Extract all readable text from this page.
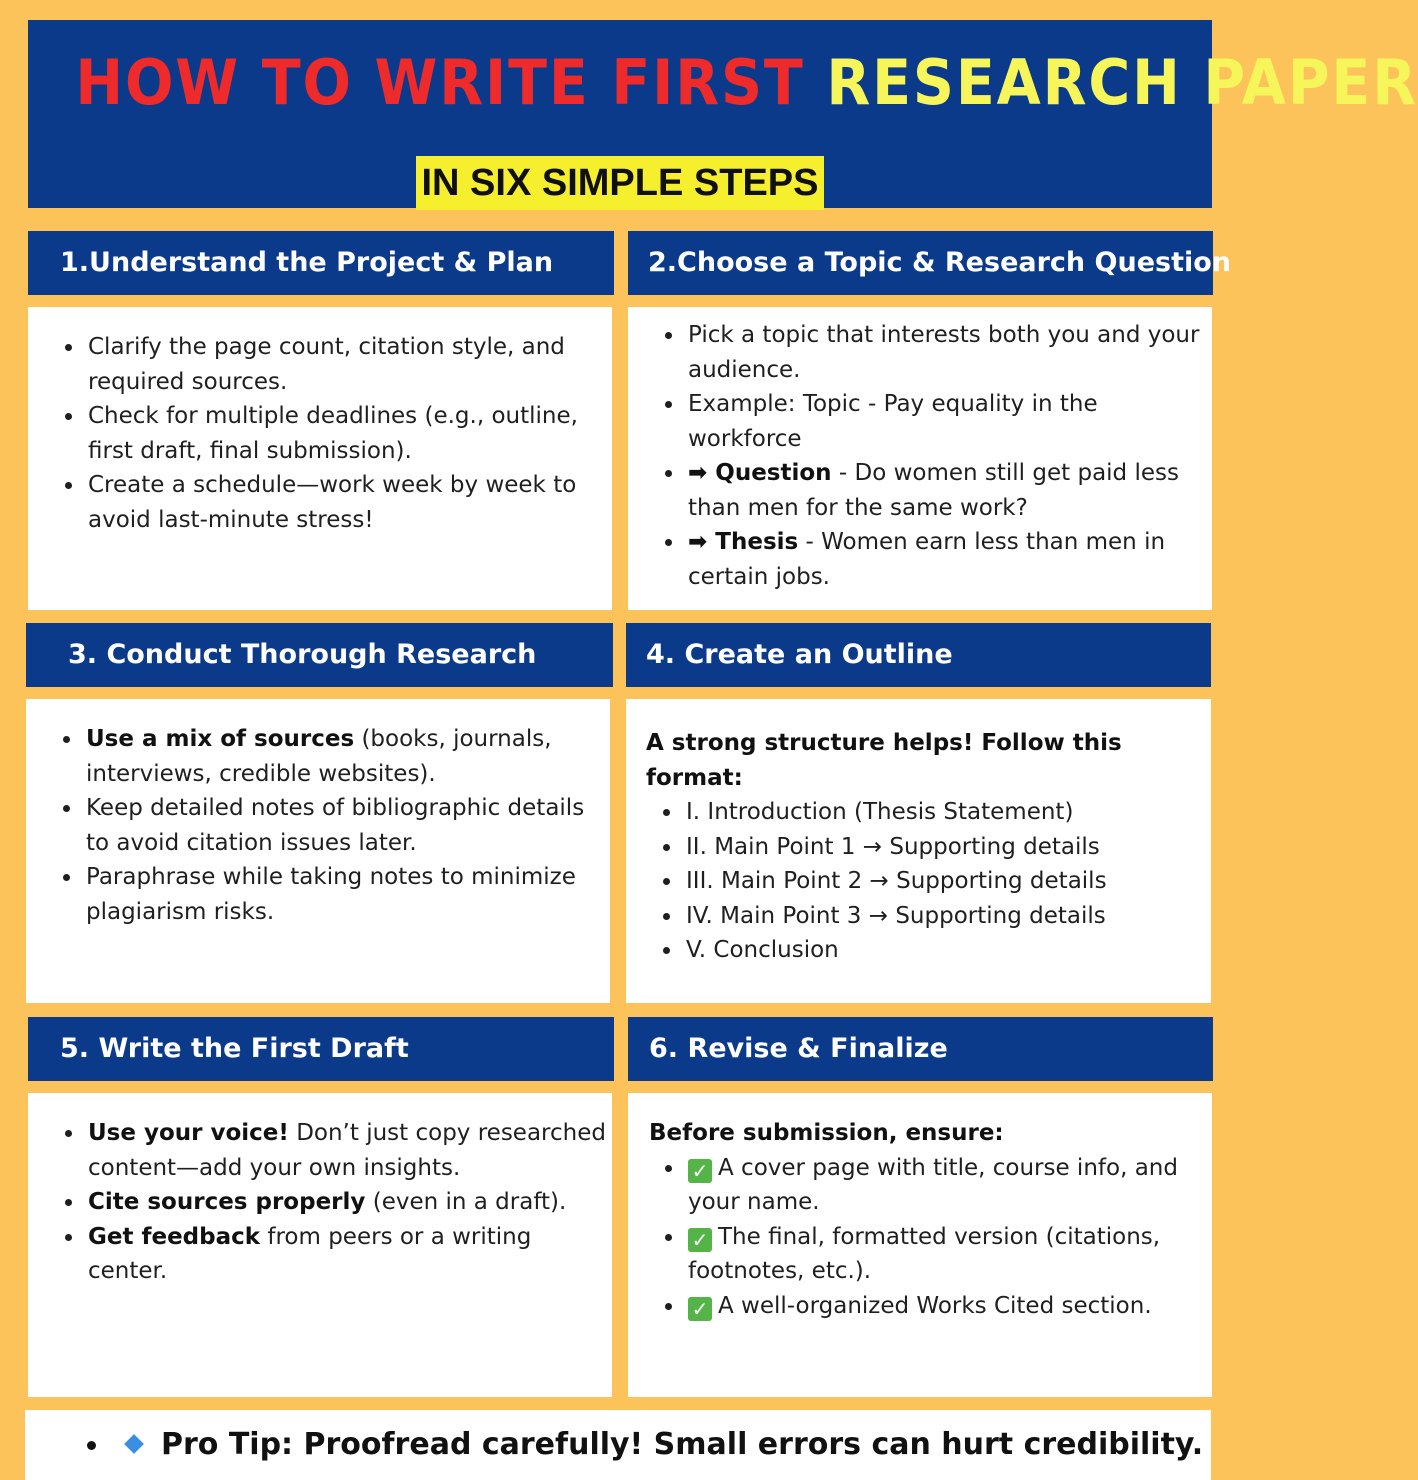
HOW TO WRITE FIRST RESEARCH PAPER
IN SIX SIMPLE STEPS
1.Understand the Project & Plan
Clarify the page count, citation style, and required sources.
Check for multiple deadlines (e.g., outline, first draft, final submission).
Create a schedule—work week by week to avoid last-minute stress!
2.Choose a Topic & Research Question
Pick a topic that interests both you and your audience.
Example: Topic - Pay equality in the workforce
➡ Question - Do women still get paid less than men for the same work?
➡ Thesis - Women earn less than men in certain jobs.
3. Conduct Thorough Research
Use a mix of sources (books, journals, interviews, credible websites).
Keep detailed notes of bibliographic details to avoid citation issues later.
Paraphrase while taking notes to minimize plagiarism risks.
4. Create an Outline
A strong structure helps! Follow this format:
I. Introduction (Thesis Statement)
II. Main Point 1 → Supporting details
III. Main Point 2 → Supporting details
IV. Main Point 3 → Supporting details
V. Conclusion
5. Write the First Draft
Use your voice! Don’t just copy researched content—add your own insights.
Cite sources properly (even in a draft).
Get feedback from peers or a writing center.
6. Revise & Finalize
Before submission, ensure:
✓ A cover page with title, course info, and your name.
✓ The final, formatted version (citations, footnotes, etc.).
✓ A well-organized Works Cited section.
Pro Tip: Proofread carefully! Small errors can hurt credibility.
